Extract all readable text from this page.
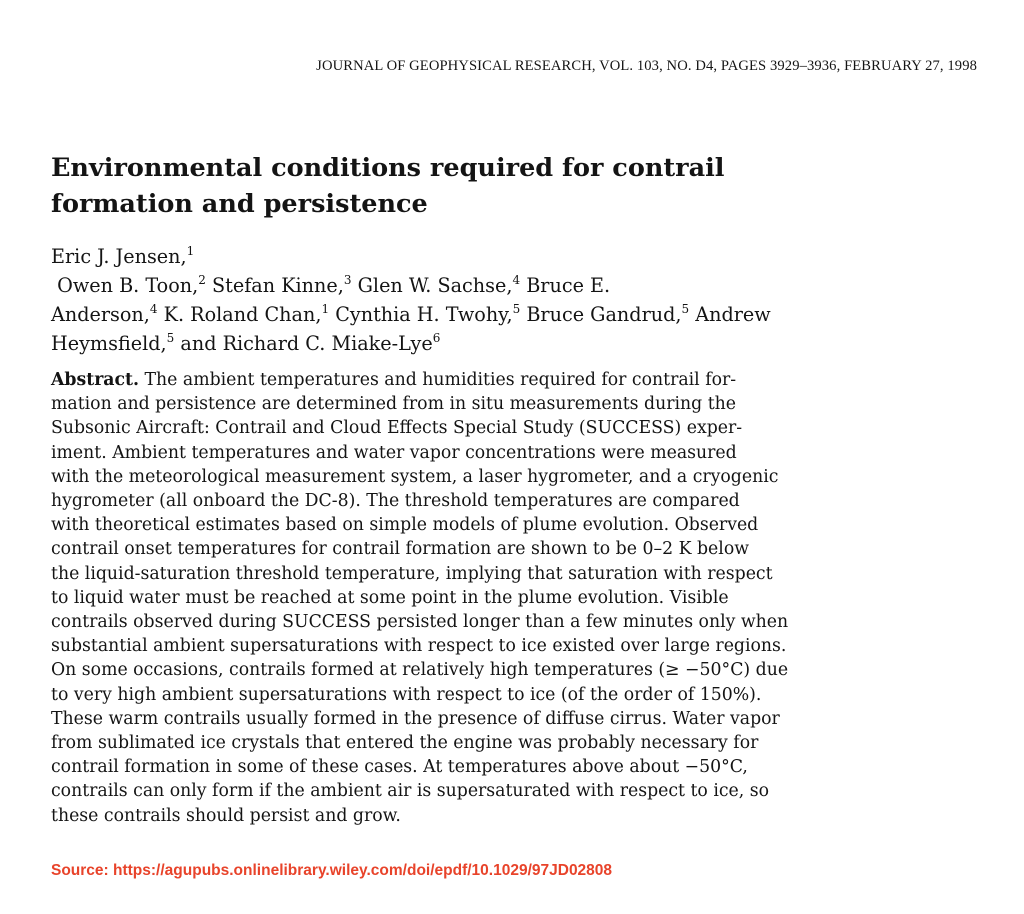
JOURNAL OF GEOPHYSICAL RESEARCH, VOL. 103, NO. D4, PAGES 3929–3936, FEBRUARY 27, 1998
Environmental conditions required for contrail
formation and persistence
Eric J. Jensen,$^1$
Owen B. Toon,$^2$ Stefan Kinne,$^3$ Glen W. Sachse,$^4$ Bruce E.
Anderson,$^4$ K. Roland Chan,$^1$ Cynthia H. Twohy,$^5$ Bruce Gandrud,$^5$ Andrew
Heymsfield,$^5$ and Richard C. Miake-Lye$^6$
Abstract. The ambient temperatures and humidities required for contrail for-
mation and persistence are determined from in situ measurements during the
Subsonic Aircraft: Contrail and Cloud Effects Special Study (SUCCESS) exper-
iment. Ambient temperatures and water vapor concentrations were measured
with the meteorological measurement system, a laser hygrometer, and a cryogenic
hygrometer (all onboard the DC-8). The threshold temperatures are compared
with theoretical estimates based on simple models of plume evolution. Observed
contrail onset temperatures for contrail formation are shown to be 0–2 K below
the liquid-saturation threshold temperature, implying that saturation with respect
to liquid water must be reached at some point in the plume evolution. Visible
contrails observed during SUCCESS persisted longer than a few minutes only when
substantial ambient supersaturations with respect to ice existed over large regions.
On some occasions, contrails formed at relatively high temperatures (≥ −50°C) due
to very high ambient supersaturations with respect to ice (of the order of 150%).
These warm contrails usually formed in the presence of diffuse cirrus. Water vapor
from sublimated ice crystals that entered the engine was probably necessary for
contrail formation in some of these cases. At temperatures above about −50°C,
contrails can only form if the ambient air is supersaturated with respect to ice, so
these contrails should persist and grow.
Source: https://agupubs.onlinelibrary.wiley.com/doi/epdf/10.1029/97JD02808
